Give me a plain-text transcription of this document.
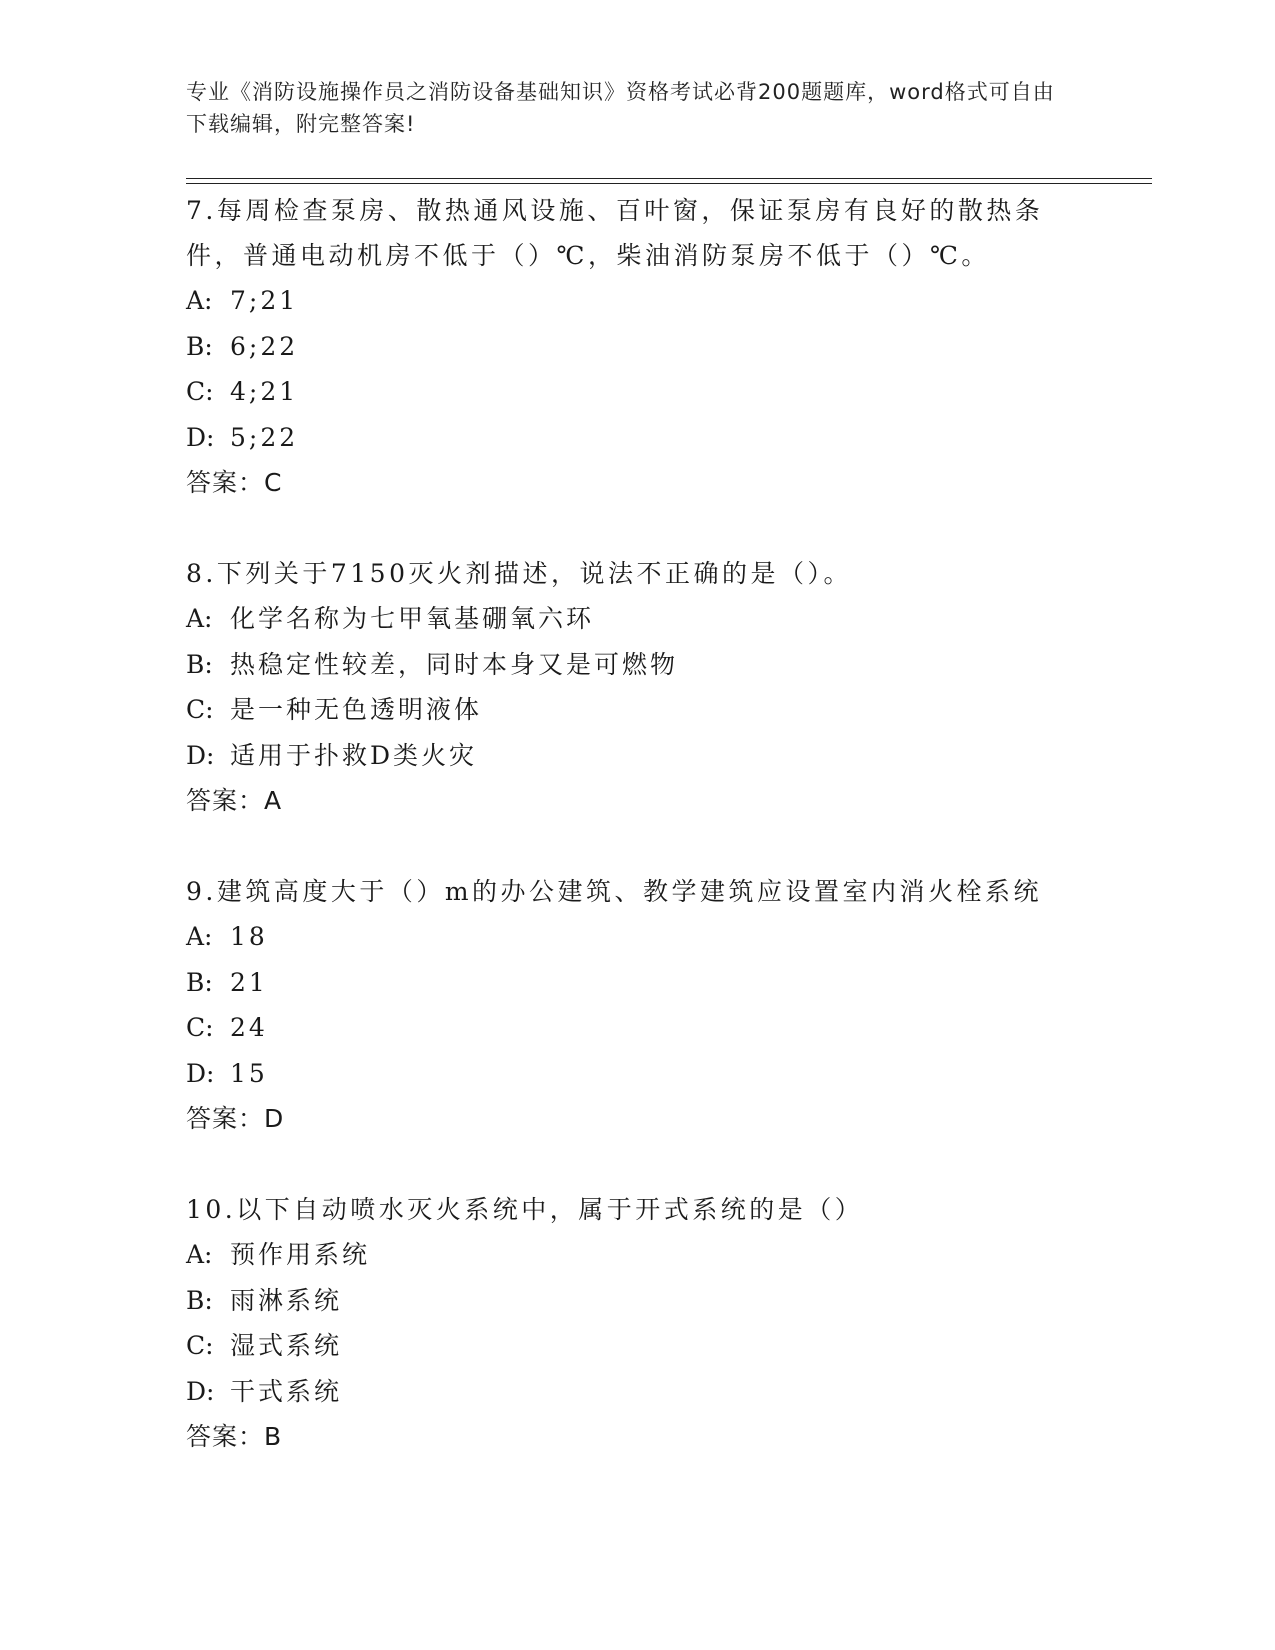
专业《消防设施操作员之消防设备基础知识》资格考试必背200题题库，word格式可自由下载编辑，附完整答案!

7.每周检查泵房、散热通风设施、百叶窗，保证泵房有良好的散热条件，普通电动机房不低于（）℃，柴油消防泵房不低于（）℃。

A: 7;21

B: 6;22

C: 4;21

D: 5;22

答案：C

8.下列关于7150灭火剂描述，说法不正确的是（）。

A: 化学名称为七甲氧基硼氧六环

B: 热稳定性较差，同时本身又是可燃物

C: 是一种无色透明液体

D: 适用于扑救D类火灾

答案：A

9.建筑高度大于（）m的办公建筑、教学建筑应设置室内消火栓系统

A: 18

B: 21

C: 24

D: 15

答案：D

10.以下自动喷水灭火系统中，属于开式系统的是（）

A: 预作用系统

B: 雨淋系统

C: 湿式系统

D: 干式系统

答案：B
